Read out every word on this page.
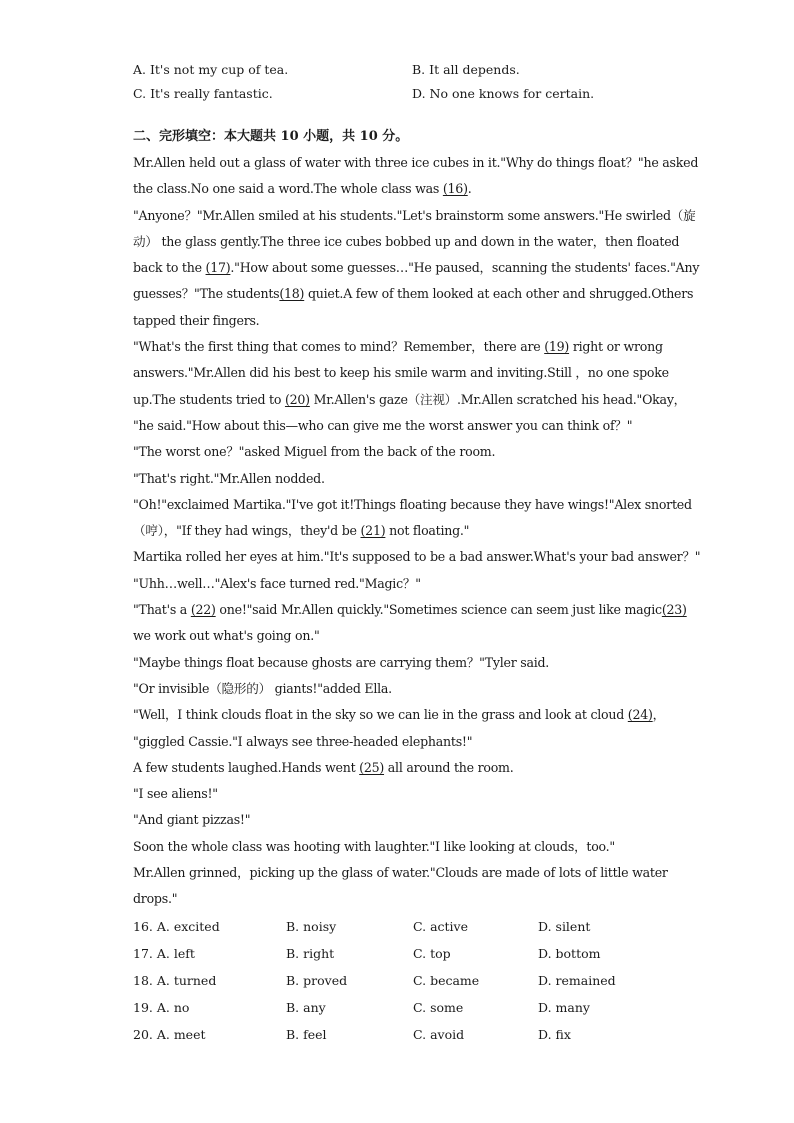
A. It's not my cup of tea.	B. It all depends.
C. It's really fantastic.	D. No one knows for certain.
二、完形填空：本大题共 10 小题，共 10 分。

Mr.Allen held out a glass of water with three ice cubes in it."Why do things float？"he asked

the class.No one said a word.The whole class was (16).

"Anyone？"Mr.Allen smiled at his students."Let's brainstorm some answers."He swirled（旋

动） the glass gently.The three ice cubes bobbed up and down in the water，then floated

back to the (17)."How about some guesses…"He paused，scanning the students' faces."Any

guesses？"The students(18) quiet.A few of them looked at each other and shrugged.Others

tapped their fingers.

"What's the first thing that comes to mind？Remember，there are (19) right or wrong

answers."Mr.Allen did his best to keep his smile warm and inviting.Still ，no one spoke

up.The students tried to (20) Mr.Allen's gaze（注视）.Mr.Allen scratched his head."Okay，

"he said."How about this—who can give me the worst answer you can think of？"

"The worst one？"asked Miguel from the back of the room.

"That's right."Mr.Allen nodded.

"Oh!"exclaimed Martika."I've got it!Things floating because they have wings!"Alex snorted

（哼），"If they had wings，they'd be (21) not floating."

Martika rolled her eyes at him."It's supposed to be a bad answer.What's your bad answer？"

"Uhh…well…"Alex's face turned red."Magic？"

"That's a (22) one!"said Mr.Allen quickly."Sometimes science can seem just like magic(23)

we work out what's going on."

"Maybe things float because ghosts are carrying them？"Tyler said.

"Or invisible（隐形的） giants!"added Ella.

"Well，I think clouds float in the sky so we can lie in the grass and look at cloud (24)，

"giggled Cassie."I always see three-headed elephants!"

A few students laughed.Hands went (25) all around the room.

"I see aliens!"

"And giant pizzas!"

Soon the whole class was hooting with laughter."I like looking at clouds，too."

Mr.Allen grinned，picking up the glass of water."Clouds are made of lots of little water

drops."

16. A. excited	B. noisy	C. active	D. silent
17. A. left	B. right	C. top	D. bottom
18. A. turned	B. proved	C. became	D. remained
19. A. no	B. any	C. some	D. many
20. A. meet	B. feel	C. avoid	D. fix
